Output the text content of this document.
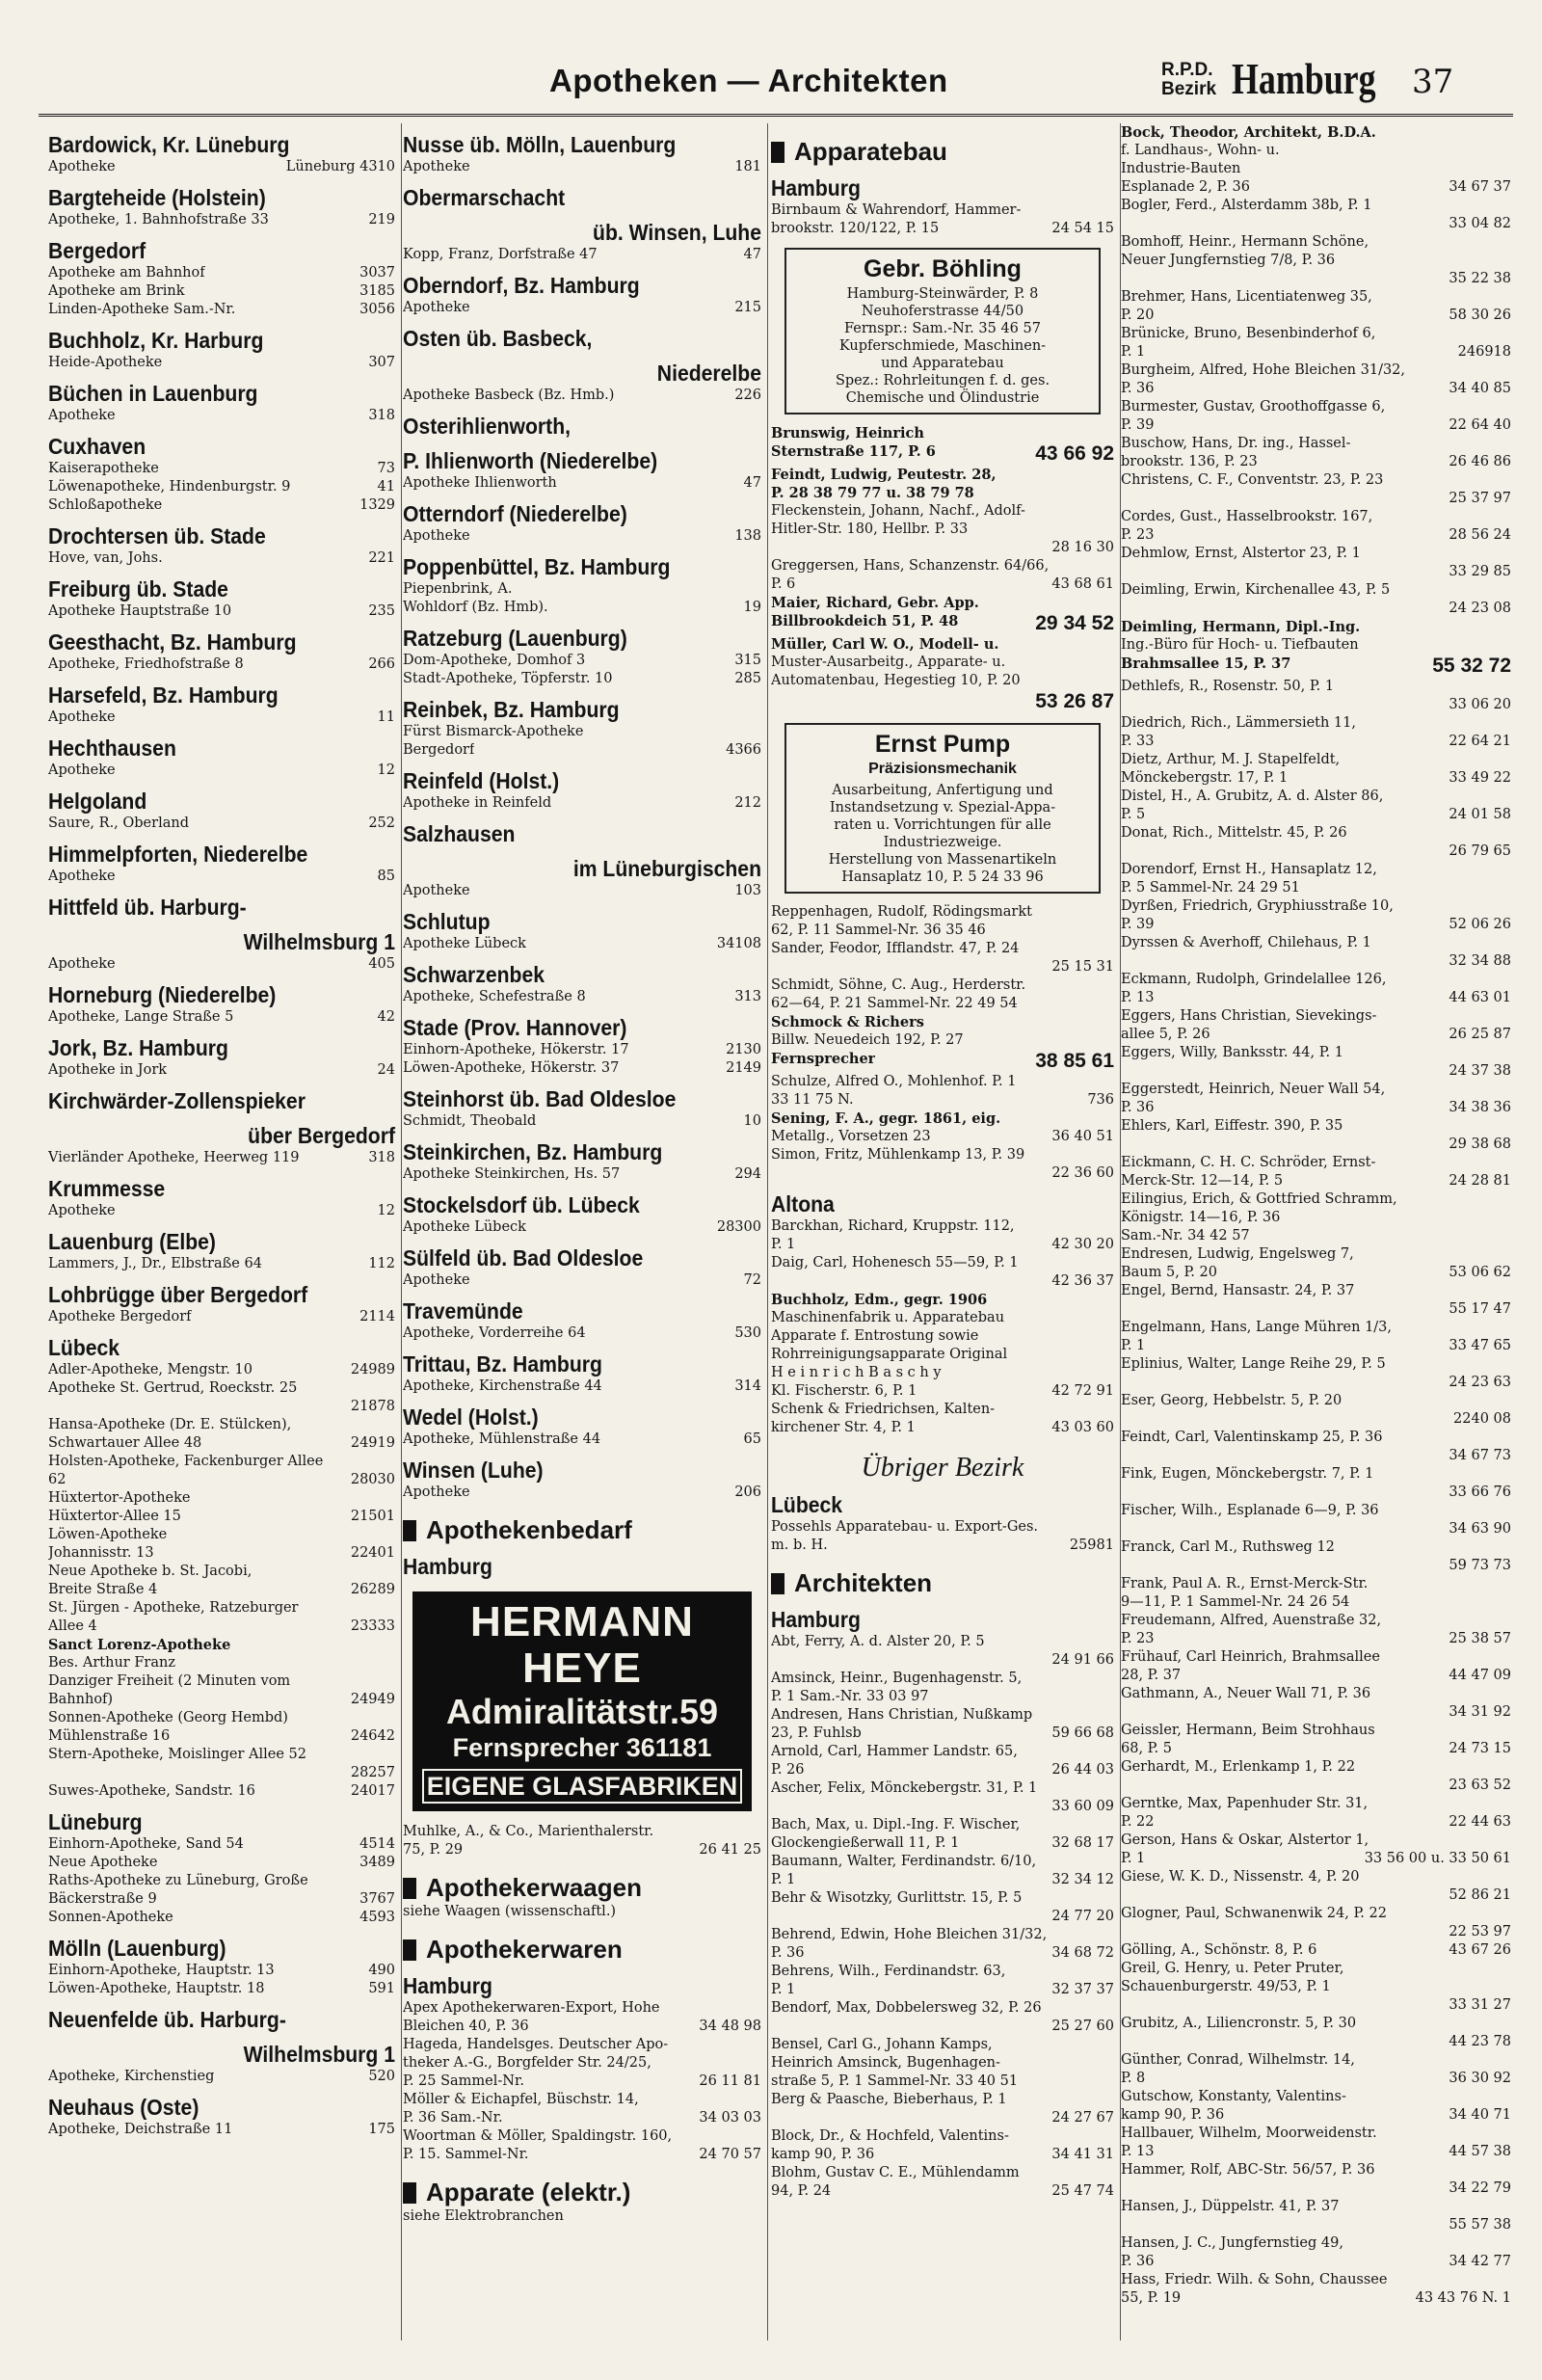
Apotheken — Architekten	R.P.D.
Bezirk Hamburg 37
Bardowick, Kr. Lüneburg
Apotheke	Lüneburg 4310
Bargteheide (Holstein)
Apotheke, 1. Bahnhofstraße 33	219
Bergedorf
Apotheke am Bahnhof	3037
Apotheke am Brink	3185
Linden-Apotheke Sam.-Nr.	3056
Buchholz, Kr. Harburg
Heide-Apotheke	307
Büchen in Lauenburg
Apotheke	318
Cuxhaven
Kaiserapotheke	73
Löwenapotheke, Hindenburgstr. 9	41
Schloßapotheke	1329
Drochtersen üb. Stade
Hove, van, Johs.	221
Freiburg üb. Stade
Apotheke Hauptstraße 10	235
Geesthacht, Bz. Hamburg
Apotheke, Friedhofstraße 8	266
Harsefeld, Bz. Hamburg
Apotheke	11
Hechthausen
Apotheke	12
Helgoland
Saure, R., Oberland	252
Himmelpforten, Niederelbe
Apotheke	85
Hittfeld üb. Harburg-
Wilhelmsburg 1
Apotheke	405
Horneburg (Niederelbe)
Apotheke, Lange Straße 5	42
Jork, Bz. Hamburg
Apotheke in Jork	24
Kirchwärder-Zollenspieker
über Bergedorf
Vierländer Apotheke, Heerweg 119	318
Krummesse
Apotheke	12
Lauenburg (Elbe)
Lammers, J., Dr., Elbstraße 64	112
Lohbrügge über Bergedorf
Apotheke Bergedorf	2114
Lübeck
Adler-Apotheke, Mengstr. 10	24989
Apotheke St. Gertrud, Roeckstr. 25
21878
Hansa-Apotheke (Dr. E. Stülcken),
Schwartauer Allee 48	24919
Holsten-Apotheke, Fackenburger Allee
62	28030
Hüxtertor-Apotheke
Hüxtertor-Allee 15	21501
Löwen-Apotheke
Johannisstr. 13	22401
Neue Apotheke b. St. Jacobi,
Breite Straße 4	26289
St. Jürgen - Apotheke, Ratzeburger
Allee 4	23333
Sanct Lorenz-Apotheke
Bes. Arthur Franz
Danziger Freiheit (2 Minuten vom
Bahnhof)	24949
Sonnen-Apotheke (Georg Hembd)
Mühlenstraße 16	24642
Stern-Apotheke, Moislinger Allee 52
28257
Suwes-Apotheke, Sandstr. 16	24017
Lüneburg
Einhorn-Apotheke, Sand 54	4514
Neue Apotheke	3489
Raths-Apotheke zu Lüneburg, Große
Bäckerstraße 9	3767
Sonnen-Apotheke	4593
Mölln (Lauenburg)
Einhorn-Apotheke, Hauptstr. 13	490
Löwen-Apotheke, Hauptstr. 18	591
Neuenfelde üb. Harburg-
Wilhelmsburg 1
Apotheke, Kirchenstieg	520
Neuhaus (Oste)
Apotheke, Deichstraße 11	175
Nusse üb. Mölln, Lauenburg
Apotheke	181
Obermarschacht
üb. Winsen, Luhe
Kopp, Franz, Dorfstraße 47	47
Oberndorf, Bz. Hamburg
Apotheke	215
Osten üb. Basbeck,
Niederelbe
Apotheke Basbeck (Bz. Hmb.)	226
Osterihlienworth,
P. Ihlienworth (Niederelbe)
Apotheke Ihlienworth	47
Otterndorf (Niederelbe)
Apotheke	138
Poppenbüttel, Bz. Hamburg
Piepenbrink, A.
Wohldorf (Bz. Hmb).	19
Ratzeburg (Lauenburg)
Dom-Apotheke, Domhof 3	315
Stadt-Apotheke, Töpferstr. 10	285
Reinbek, Bz. Hamburg
Fürst Bismarck-Apotheke
Bergedorf	4366
Reinfeld (Holst.)
Apotheke in Reinfeld	212
Salzhausen
im Lüneburgischen
Apotheke	103
Schlutup
Apotheke Lübeck	34108
Schwarzenbek
Apotheke, Schefestraße 8	313
Stade (Prov. Hannover)
Einhorn-Apotheke, Hökerstr. 17	2130
Löwen-Apotheke, Hökerstr. 37	2149
Steinhorst üb. Bad Oldesloe
Schmidt, Theobald	10
Steinkirchen, Bz. Hamburg
Apotheke Steinkirchen, Hs. 57	294
Stockelsdorf üb. Lübeck
Apotheke Lübeck	28300
Sülfeld üb. Bad Oldesloe
Apotheke	72
Travemünde
Apotheke, Vorderreihe 64	530
Trittau, Bz. Hamburg
Apotheke, Kirchenstraße 44	314
Wedel (Holst.)
Apotheke, Mühlenstraße 44	65
Winsen (Luhe)
Apotheke	206
Apothekenbedarf
Hamburg
HERMANN HEYE
Admiralitätstr.59
Fernsprecher 361181
EIGENE GLASFABRIKEN
Muhlke, A., & Co., Marienthalerstr.
75, P. 29	26 41 25
Apothekerwaagen
siehe Waagen (wissenschaftl.)
Apothekerwaren
Hamburg
Apex Apothekerwaren-Export, Hohe
Bleichen 40, P. 36	34 48 98
Hageda, Handelsges. Deutscher Apo-
theker A.-G., Borgfelder Str. 24/25,
P. 25 Sammel-Nr.	26 11 81
Möller & Eichapfel, Büschstr. 14,
P. 36 Sam.-Nr.	34 03 03
Woortman & Möller, Spaldingstr. 160,
P. 15. Sammel-Nr.	24 70 57
Apparate (elektr.)
siehe Elektrobranchen
Apparatebau
Hamburg
Birnbaum & Wahrendorf, Hammer-
brookstr. 120/122, P. 15	24 54 15
Gebr. Böhling
Hamburg-Steinwärder, P. 8
Neuhoferstrasse 44/50
Fernspr.: Sam.-Nr. 35 46 57
Kupferschmiede, Maschinen-
und Apparatebau
Spez.: Rohrleitungen f. d. ges.
Chemische und Ölindustrie
Brunswig, Heinrich
Sternstraße 117, P. 6	43 66 92
Feindt, Ludwig, Peutestr. 28,
P. 28 38 79 77 u. 38 79 78
Fleckenstein, Johann, Nachf., Adolf-
Hitler-Str. 180, Hellbr. P. 33
28 16 30
Greggersen, Hans, Schanzenstr. 64/66,
P. 6	43 68 61
Maier, Richard, Gebr. App.
Billbrookdeich 51, P. 48	29 34 52
Müller, Carl W. O., Modell- u.
Muster-Ausarbeitg., Apparate- u.
Automatenbau, Hegestieg 10, P. 20
53 26 87
Ernst Pump
Präzisionsmechanik
Ausarbeitung, Anfertigung und
Instandsetzung v. Spezial-Appa-
raten u. Vorrichtungen für alle
Industriezweige.
Herstellung von Massenartikeln
Hansaplatz 10, P. 5 24 33 96
Reppenhagen, Rudolf, Rödingsmarkt
62, P. 11 Sammel-Nr. 36 35 46
Sander, Feodor, Ifflandstr. 47, P. 24
25 15 31
Schmidt, Söhne, C. Aug., Herderstr.
62—64, P. 21 Sammel-Nr. 22 49 54
Schmock & Richers
Billw. Neuedeich 192, P. 27
Fernsprecher	38 85 61
Schulze, Alfred O., Mohlenhof. P. 1
33 11 75 N.	736
Sening, F. A., gegr. 1861, eig.
Metallg., Vorsetzen 23	36 40 51
Simon, Fritz, Mühlenkamp 13, P. 39
22 36 60
Altona
Barckhan, Richard, Kruppstr. 112,
P. 1	42 30 20
Daig, Carl, Hohenesch 55—59, P. 1
42 36 37
Buchholz, Edm., gegr. 1906
Maschinenfabrik u. Apparatebau
Apparate f. Entrostung sowie
Rohrreinigungsapparate Original
H e i n r i c h B a s c h y
Kl. Fischerstr. 6, P. 1	42 72 91
Schenk & Friedrichsen, Kalten-
kirchener Str. 4, P. 1	43 03 60
Übriger Bezirk
Lübeck
Possehls Apparatebau- u. Export-Ges.
m. b. H.	25981
Architekten
Hamburg
Abt, Ferry, A. d. Alster 20, P. 5
24 91 66
Amsinck, Heinr., Bugenhagenstr. 5,
P. 1 Sam.-Nr. 33 03 97
Andresen, Hans Christian, Nußkamp
23, P. Fuhlsb	59 66 68
Arnold, Carl, Hammer Landstr. 65,
P. 26	26 44 03
Ascher, Felix, Mönckebergstr. 31, P. 1
33 60 09
Bach, Max, u. Dipl.-Ing. F. Wischer,
Glockengießerwall 11, P. 1	32 68 17
Baumann, Walter, Ferdinandstr. 6/10,
P. 1	32 34 12
Behr & Wisotzky, Gurlittstr. 15, P. 5
24 77 20
Behrend, Edwin, Hohe Bleichen 31/32,
P. 36	34 68 72
Behrens, Wilh., Ferdinandstr. 63,
P. 1	32 37 37
Bendorf, Max, Dobbelersweg 32, P. 26
25 27 60
Bensel, Carl G., Johann Kamps,
Heinrich Amsinck, Bugenhagen-
straße 5, P. 1 Sammel-Nr. 33 40 51
Berg & Paasche, Bieberhaus, P. 1
24 27 67
Block, Dr., & Hochfeld, Valentins-
kamp 90, P. 36	34 41 31
Blohm, Gustav C. E., Mühlendamm
94, P. 24	25 47 74
Bock, Theodor, Architekt, B.D.A.
f. Landhaus-, Wohn- u.
Industrie-Bauten
Esplanade 2, P. 36	34 67 37
Bogler, Ferd., Alsterdamm 38b, P. 1
33 04 82
Bomhoff, Heinr., Hermann Schöne,
Neuer Jungfernstieg 7/8, P. 36
35 22 38
Brehmer, Hans, Licentiatenweg 35,
P. 20	58 30 26
Brünicke, Bruno, Besenbinderhof 6,
P. 1	246918
Burgheim, Alfred, Hohe Bleichen 31/32,
P. 36	34 40 85
Burmester, Gustav, Groothoffgasse 6,
P. 39	22 64 40
Buschow, Hans, Dr. ing., Hassel-
brookstr. 136, P. 23	26 46 86
Christens, C. F., Conventstr. 23, P. 23
25 37 97
Cordes, Gust., Hasselbrookstr. 167,
P. 23	28 56 24
Dehmlow, Ernst, Alstertor 23, P. 1
33 29 85
Deimling, Erwin, Kirchenallee 43, P. 5
24 23 08
Deimling, Hermann, Dipl.-Ing.
Ing.-Büro für Hoch- u. Tiefbauten
Brahmsallee 15, P. 37	55 32 72
Dethlefs, R., Rosenstr. 50, P. 1
33 06 20
Diedrich, Rich., Lämmersieth 11,
P. 33	22 64 21
Dietz, Arthur, M. J. Stapelfeldt,
Mönckebergstr. 17, P. 1	33 49 22
Distel, H., A. Grubitz, A. d. Alster 86,
P. 5	24 01 58
Donat, Rich., Mittelstr. 45, P. 26
26 79 65
Dorendorf, Ernst H., Hansaplatz 12,
P. 5 Sammel-Nr. 24 29 51
Dyrßen, Friedrich, Gryphiusstraße 10,
P. 39	52 06 26
Dyrssen & Averhoff, Chilehaus, P. 1
32 34 88
Eckmann, Rudolph, Grindelallee 126,
P. 13	44 63 01
Eggers, Hans Christian, Sievekings-
allee 5, P. 26	26 25 87
Eggers, Willy, Banksstr. 44, P. 1
24 37 38
Eggerstedt, Heinrich, Neuer Wall 54,
P. 36	34 38 36
Ehlers, Karl, Eiffestr. 390, P. 35
29 38 68
Eickmann, C. H. C. Schröder, Ernst-
Merck-Str. 12—14, P. 5	24 28 81
Eilingius, Erich, & Gottfried Schramm,
Königstr. 14—16, P. 36
Sam.-Nr. 34 42 57
Endresen, Ludwig, Engelsweg 7,
Baum 5, P. 20	53 06 62
Engel, Bernd, Hansastr. 24, P. 37
55 17 47
Engelmann, Hans, Lange Mühren 1/3,
P. 1	33 47 65
Eplinius, Walter, Lange Reihe 29, P. 5
24 23 63
Eser, Georg, Hebbelstr. 5, P. 20
2240 08
Feindt, Carl, Valentinskamp 25, P. 36
34 67 73
Fink, Eugen, Mönckebergstr. 7, P. 1
33 66 76
Fischer, Wilh., Esplanade 6—9, P. 36
34 63 90
Franck, Carl M., Ruthsweg 12
59 73 73
Frank, Paul A. R., Ernst-Merck-Str.
9—11, P. 1 Sammel-Nr. 24 26 54
Freudemann, Alfred, Auenstraße 32,
P. 23	25 38 57
Frühauf, Carl Heinrich, Brahmsallee
28, P. 37	44 47 09
Gathmann, A., Neuer Wall 71, P. 36
34 31 92
Geissler, Hermann, Beim Strohhaus
68, P. 5	24 73 15
Gerhardt, M., Erlenkamp 1, P. 22
23 63 52
Gerntke, Max, Papenhuder Str. 31,
P. 22	22 44 63
Gerson, Hans & Oskar, Alstertor 1,
P. 1	33 56 00 u. 33 50 61
Giese, W. K. D., Nissenstr. 4, P. 20
52 86 21
Glogner, Paul, Schwanenwik 24, P. 22
22 53 97
Gölling, A., Schönstr. 8, P. 6	43 67 26
Greil, G. Henry, u. Peter Pruter,
Schauenburgerstr. 49/53, P. 1
33 31 27
Grubitz, A., Liliencronstr. 5, P. 30
44 23 78
Günther, Conrad, Wilhelmstr. 14,
P. 8	36 30 92
Gutschow, Konstanty, Valentins-
kamp 90, P. 36	34 40 71
Hallbauer, Wilhelm, Moorweidenstr.
P. 13	44 57 38
Hammer, Rolf, ABC-Str. 56/57, P. 36
34 22 79
Hansen, J., Düppelstr. 41, P. 37
55 57 38
Hansen, J. C., Jungfernstieg 49,
P. 36	34 42 77
Hass, Friedr. Wilh. & Sohn, Chaussee
55, P. 19	43 43 76 N. 1
